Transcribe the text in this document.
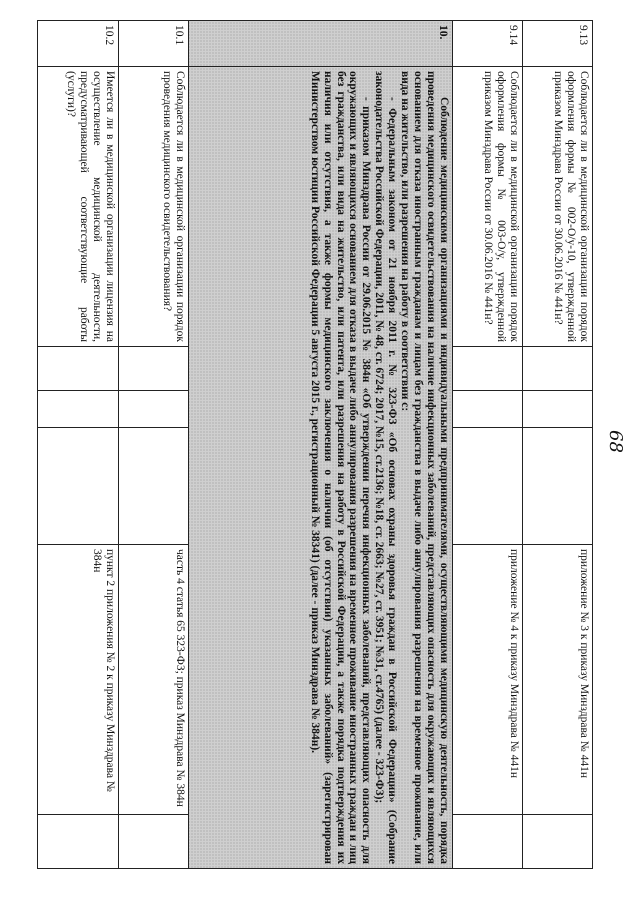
68
9.13	Соблюдается ли в медицинской организации порядок оформления формы № 002-О/у-10, утвержденной приказом Минздрава России от 30.06.2016 № 441н?				приложение № 3 к приказу Минздрава № 441н	
9.14	Соблюдается ли в медицинской организации порядок оформления формы № 003-О/у, утвержденной приказом Минздрава России от 30.06.2016 № 441н?				приложение № 4 к приказу Минздрава № 441н	
10.	Соблюдение медицинскими организациями и индивидуальными предпринимателями, осуществляющими медицинскую деятельность, порядка проведения медицинского освидетельствования на наличие инфекционных заболеваний, представляющих опасность для окружающих и являющихся основанием для отказа иностранным гражданам и лицам без гражданства в выдаче либо аннулирования разрешения на временное проживание, или вида на жительство, или разрешения на работу в соответствии с:

- Федеральным законом от 21 ноября 2011 г. № 323-ФЗ «Об основах охраны здоровья граждан в Российской Федерации» (Собрание законодательства Российской Федерации, 2011, № 48, ст. 6724; 2017, №15, ст.2136; №18, ст. 2663; №27, ст. 3951; №31, ст.4765) (далее - 323-ФЗ);

- приказом Минздрава России от 29.06.2015 № 384н «Об утверждении перечня инфекционных заболеваний, представляющих опасность для окружающих и являющихся основанием для отказа в выдаче либо аннулирования разрешения на временное проживание иностранных граждан и лиц без гражданства, или вида на жительство, или патента, или разрешения на работу в Российской Федерации, а также порядка подтверждения их наличия или отсутствия, а также формы медицинского заключения о наличии (об отсутствии) указанных заболеваний» (зарегистрирован Министерством юстиции Российской Федерации 5 августа 2015 г., регистрационный № 38341) (далее - приказ Минздрава № 384н).					

10.1	Соблюдается ли в медицинской организации порядок проведения медицинского освидетельствования?				часть 4 статья 65 323-ФЗ; приказ Минздрава № 384н	
10.2	Имеется ли в медицинской организации лицензия на осуществление медицинской деятельности, предусматривающей соответствующие работы (услуги)?				пункт 2 приложения № 2 к приказу Минздрава № 384н	
